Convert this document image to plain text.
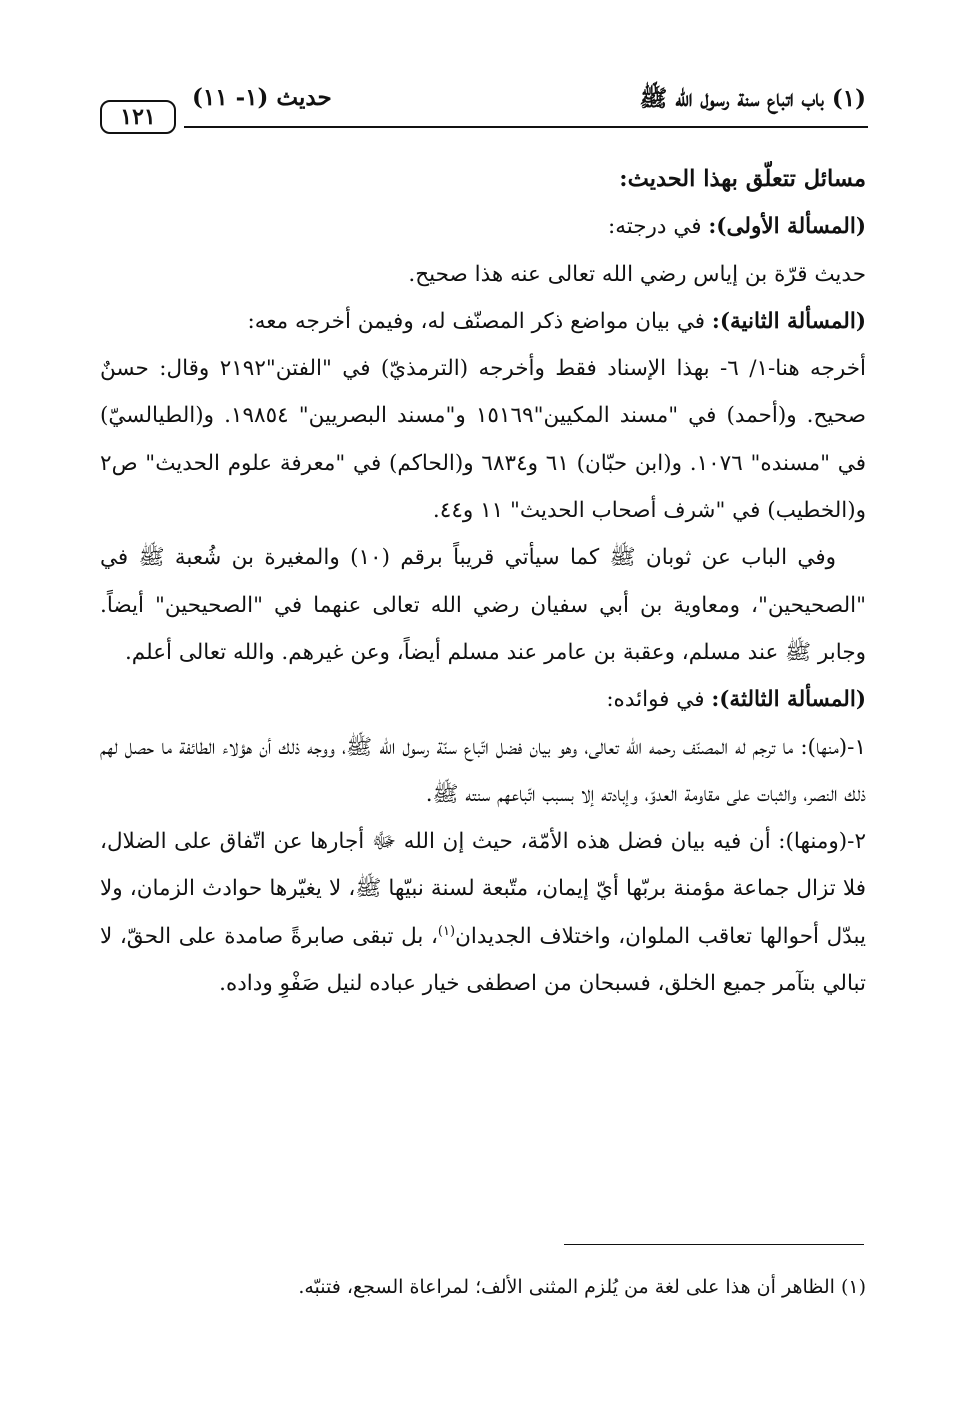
(١) باب اتباع سنة رسول الله ﷺ
حديث (١- ١١)
١٢١

مسائل تتعلّق بهذا الحديث:

(المسألة الأولى): في درجته:

حديث قرّة بن إياس رضي الله تعالى عنه هذا صحيح.

(المسألة الثانية): في بيان مواضع ذكر المصنّف له، وفيمن أخرجه معه:

أخرجه هنا-١/ ٦- بهذا الإسناد فقط وأخرجه (الترمذيّ) في "الفتن"٢١٩٢ وقال: حسنٌ صحيح. و(أحمد) في "مسند المكيين"١٥١٦٩ و"مسند البصريين" ١٩٨٥٤. و(الطيالسيّ) في "مسنده" ١٠٧٦. و(ابن حبّان) ٦١ و٦٨٣٤ و(الحاكم) في "معرفة علوم الحديث" ص٢ و(الخطيب) في "شرف أصحاب الحديث" ١١ و٤٤.

وفي الباب عن ثوبان ﷺ كما سيأتي قريباً برقم (١٠) والمغيرة بن شُعبة ﷺ في "الصحيحين"، ومعاوية بن أبي سفيان رضي الله تعالى عنهما في "الصحيحين" أيضاً. وجابر ﷺ عند مسلم، وعقبة بن عامر عند مسلم أيضاً، وعن غيرهم. والله تعالى أعلم.

(المسألة الثالثة): في فوائده:

١-(منها): ما ترجم له المصنّف رحمه الله تعالى، وهو بيان فضل اتّباع سنّة رسول الله ﷺ، ووجه ذلك أن هؤلاء الطائفة ما حصل لهم ذلك النصر، والثبات على مقاومة العدوّ، وإبادته إلا بسبب اتّباعهم سنته ﷺ.

٢-(ومنها): أن فيه بيان فضل هذه الأمّة، حيث إن الله ﷻ أجارها عن اتّفاق على الضلال، فلا تزال جماعة مؤمنة بربّها أيّ إيمان، متّبعة لسنة نبيّها ﷺ، لا يغيّرها حوادث الزمان، ولا يبدّل أحوالها تعاقب الملوان، واختلاف الجديدان$^{(١)}$، بل تبقى صابرةً صامدة على الحقّ، لا تبالي بتآمر جميع الخلق، فسبحان من اصطفى خيار عباده لنيل صَفْوِ وداده.

(١) الظاهر أن هذا على لغة من يُلزم المثنى الألف؛ لمراعاة السجع، فتنبّه.
